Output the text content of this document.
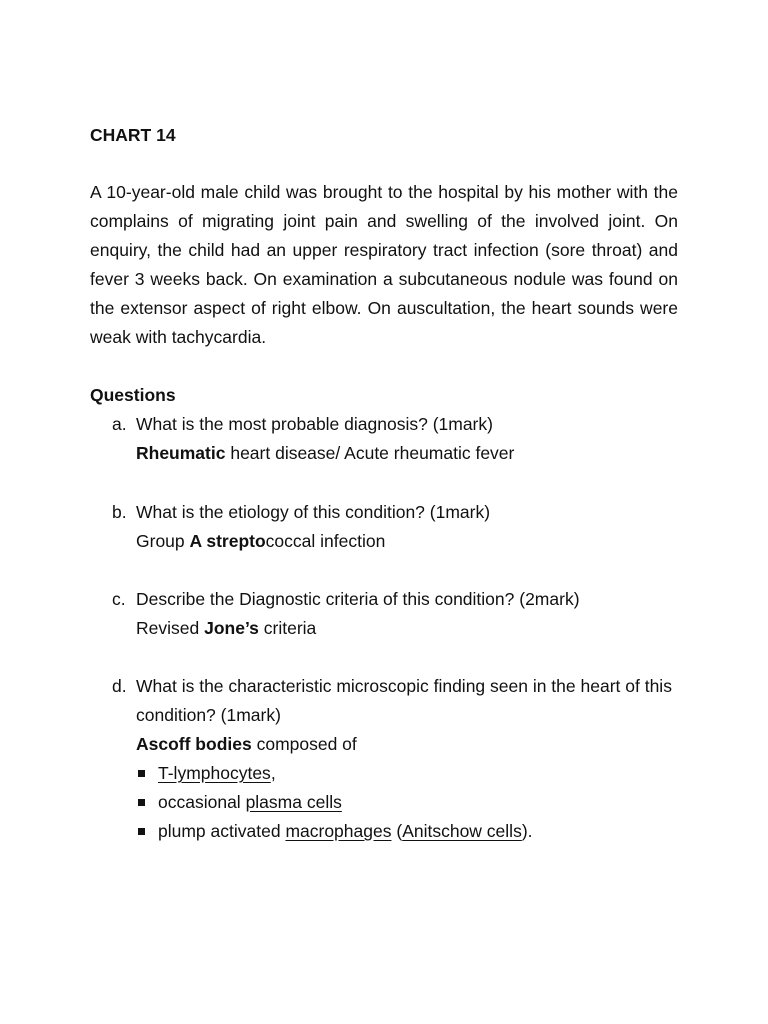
CHART 14

A 10-year-old male child was brought to the hospital by his mother with the complains of migrating joint pain and swelling of the involved joint. On enquiry, the child had an upper respiratory tract infection (sore throat) and fever 3 weeks back. On examination a subcutaneous nodule was found on the extensor aspect of right elbow. On auscultation, the heart sounds were weak with tachycardia.

Questions

a. What is the most probable diagnosis? (1mark)
Rheumatic heart disease/ Acute rheumatic fever
b. What is the etiology of this condition? (1mark)
Group A streptococcal infection
c. Describe the Diagnostic criteria of this condition? (2mark)
Revised Jone’s criteria
d. What is the characteristic microscopic finding seen in the heart of this condition? (1mark)
Ascoff bodies composed of
T-lymphocytes,
occasional plasma cells
plump activated macrophages (Anitschow cells).
